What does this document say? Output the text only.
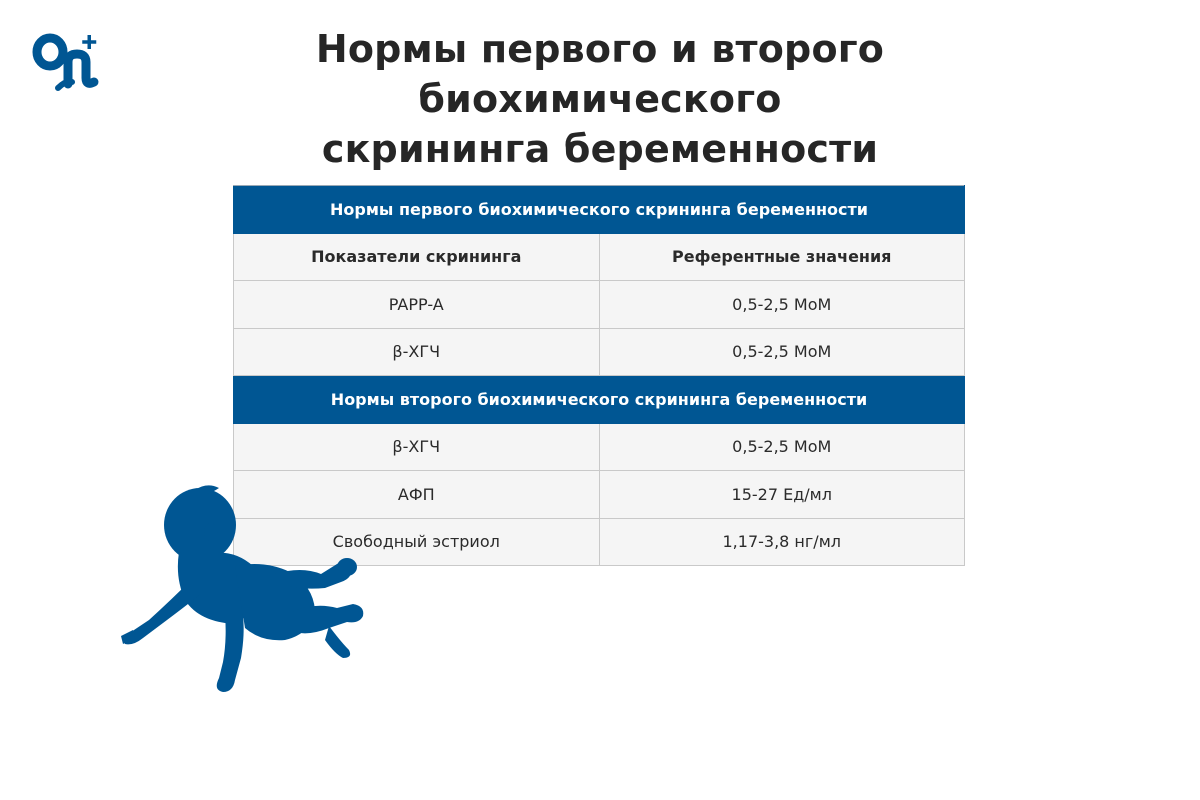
Нормы первого и второго биохимического
скрининга беременности
Нормы первого биохимического скрининга беременности	
Показатели скрининга	Референтные значения
PAPP-A	0,5-2,5 МоМ
β-ХГЧ	0,5-2,5 МоМ
Нормы второго биохимического скрининга беременности	
β-ХГЧ	0,5-2,5 МоМ
АФП	15-27 Ед/мл
Свободный эстриол	1,17-3,8 нг/мл
